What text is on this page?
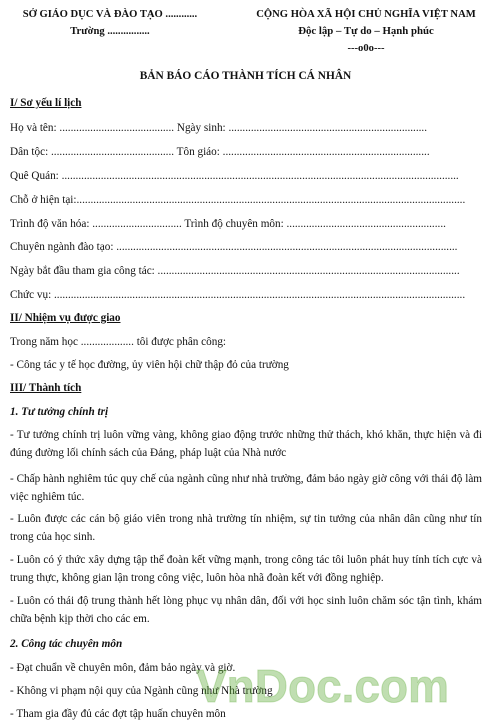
SỞ GIÁO DỤC VÀ ĐÀO TẠO ............
Trường ................
CỘNG HÒA XÃ HỘI CHỦ NGHĨA VIỆT NAM
Độc lập – Tự do – Hạnh phúc
---o0o---
BẢN BÁO CÁO THÀNH TÍCH CÁ NHÂN
I/ Sơ yếu lí lịch
Họ và tên: ......................................... Ngày sinh: .......................................................................
Dân tộc: ............................................ Tôn giáo: ..........................................................................
Quê Quán: ..............................................................................................................................................
Chỗ ở hiện tại:...........................................................................................................................................
Trình độ văn hóa: ................................ Trình độ chuyên môn: .........................................................
Chuyên ngành đào tạo: ..........................................................................................................................
Ngày bắt đầu tham gia công tác: ............................................................................................................
Chức vụ: ...................................................................................................................................................
II/ Nhiệm vụ được giao
Trong năm học ................... tôi được phân công:
- Công tác y tế học đường, ủy viên hội chữ thập đỏ của trường
III/ Thành tích
1. Tư tưởng chính trị
- Tư tưởng chính trị luôn vững vàng, không giao động trước những thử thách, khó khăn, thực hiện và đi đúng đường lối chính sách của Đảng, pháp luật của Nhà nước
- Chấp hành nghiêm túc quy chế của ngành cũng như nhà trường, đảm bảo ngày giờ công với thái độ làm việc nghiêm túc.
- Luôn được các cán bộ giáo viên trong nhà trường tín nhiệm, sự tin tưởng của nhân dân cũng như tín trong của học sinh.
- Luôn có ý thức xây dựng tập thể đoàn kết vững mạnh, trong công tác tôi luôn phát huy tính tích cực và trung thực, không gian lận trong công việc, luôn hòa nhã đoàn kết với đồng nghiệp.
- Luôn có thái độ trung thành hết lòng phục vụ nhân dân, đối với học sinh luôn chăm sóc tận tình, khám chữa bệnh kịp thời cho các em.
2. Công tác chuyên môn
- Đạt chuẩn về chuyên môn, đảm bảo ngày và giờ.
- Không vi phạm nội quy của Ngành cũng như Nhà trường
- Tham gia đầy đủ các đợt tập huấn chuyên môn
VnDoc.com
